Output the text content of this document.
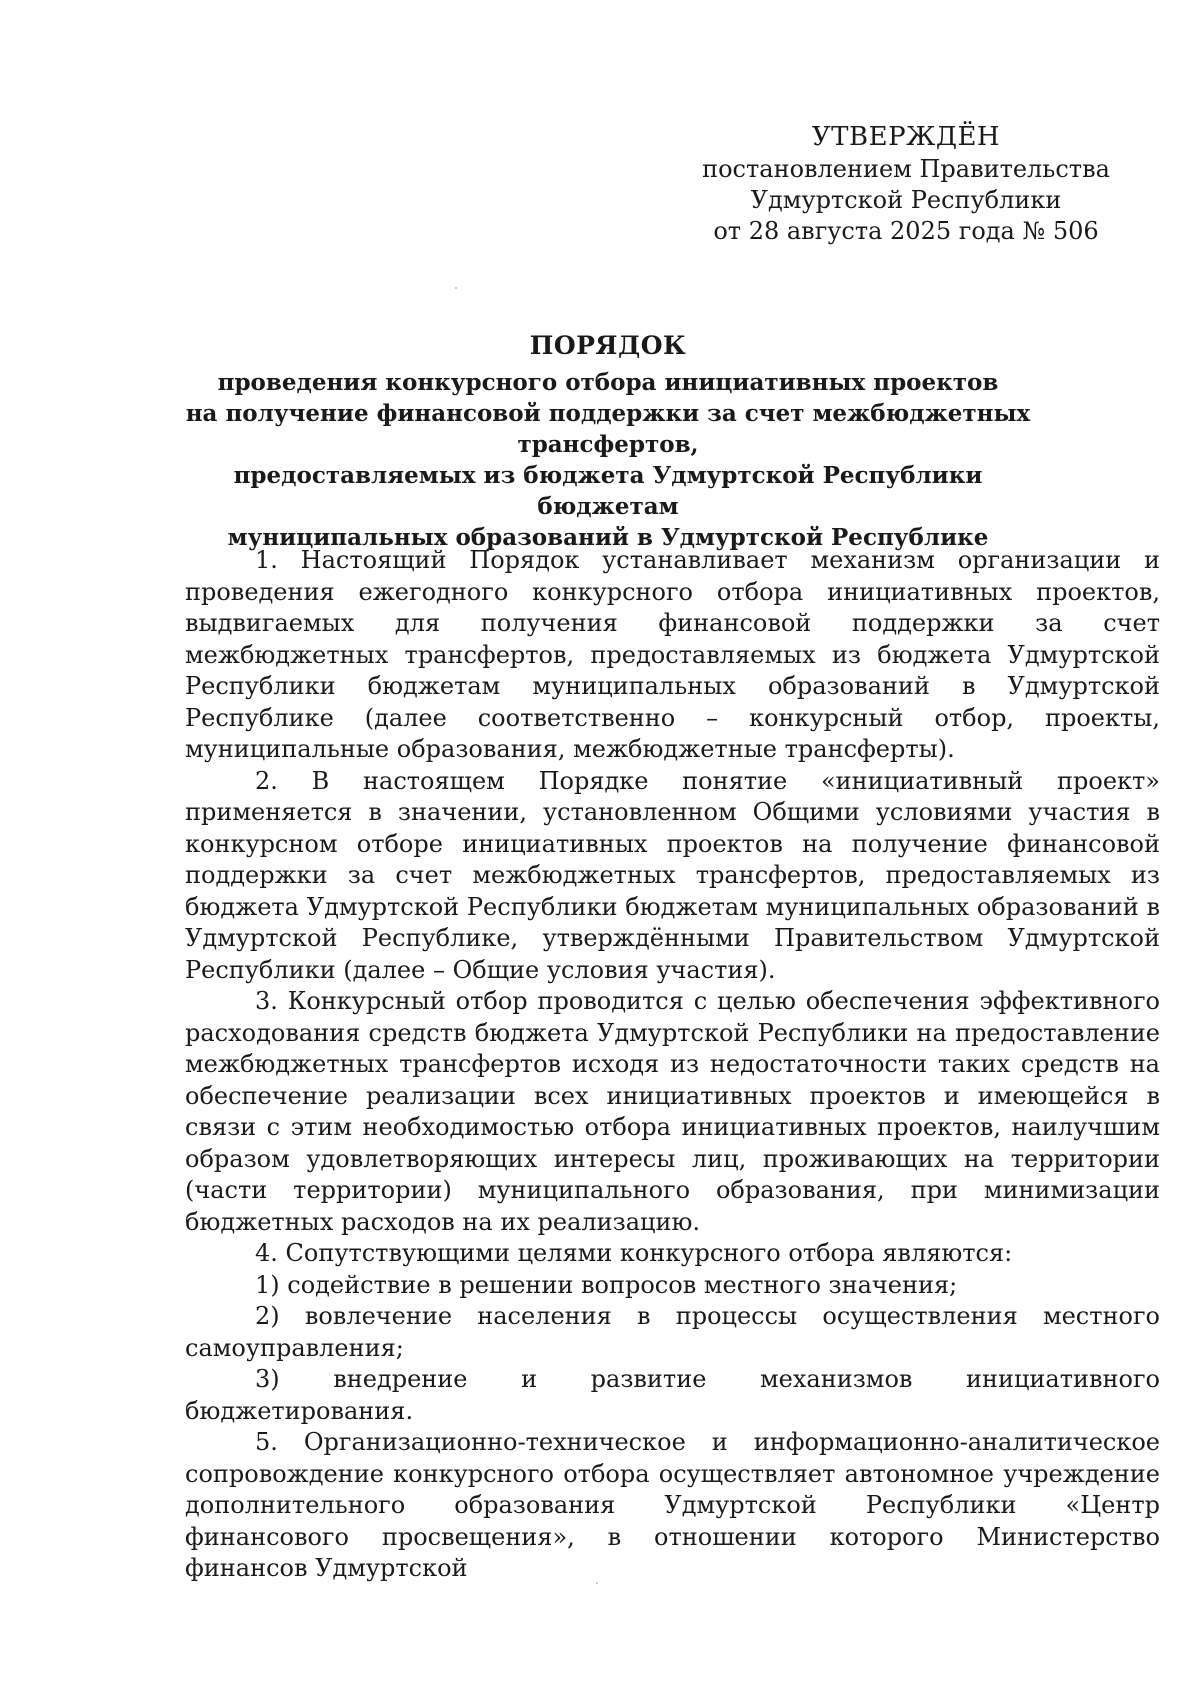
УТВЕРЖДЁН
постановлением Правительства
Удмуртской Республики
от 28 августа 2025 года № 506
ПОРЯДОК
проведения конкурсного отбора инициативных проектов
на получение финансовой поддержки за счет межбюджетных трансфертов,
предоставляемых из бюджета Удмуртской Республики бюджетам
муниципальных образований в Удмуртской Республике

1. Настоящий Порядок устанавливает механизм организации и проведения ежегодного конкурсного отбора инициативных проектов, выдвигаемых для получения финансовой поддержки за счет межбюджетных трансфертов, предоставляемых из бюджета Удмуртской Республики бюджетам муниципальных образований в Удмуртской Республике (далее соответственно – конкурсный отбор, проекты, муниципальные образования, межбюджетные трансферты).

2. В настоящем Порядке понятие «инициативный проект» применяется в значении, установленном Общими условиями участия в конкурсном отборе инициативных проектов на получение финансовой поддержки за счет межбюджетных трансфертов, предоставляемых из бюджета Удмуртской Республики бюджетам муниципальных образований в Удмуртской Республике, утверждёнными Правительством Удмуртской Республики (далее – Общие условия участия).

3. Конкурсный отбор проводится с целью обеспечения эффективного расходования средств бюджета Удмуртской Республики на предоставление межбюджетных трансфертов исходя из недостаточности таких средств на обеспечение реализации всех инициативных проектов и имеющейся в связи с этим необходимостью отбора инициативных проектов, наилучшим образом удовлетворяющих интересы лиц, проживающих на территории (части территории) муниципального образования, при минимизации бюджетных расходов на их реализацию.

4. Сопутствующими целями конкурсного отбора являются:

1) содействие в решении вопросов местного значения;

2) вовлечение населения в процессы осуществления местного самоуправления;

3) внедрение и развитие механизмов инициативного бюджетирования.

5. Организационно-техническое и информационно-аналитическое сопровождение конкурсного отбора осуществляет автономное учреждение дополнительного образования Удмуртской Республики «Центр финансового просвещения», в отношении которого Министерство финансов Удмуртской
